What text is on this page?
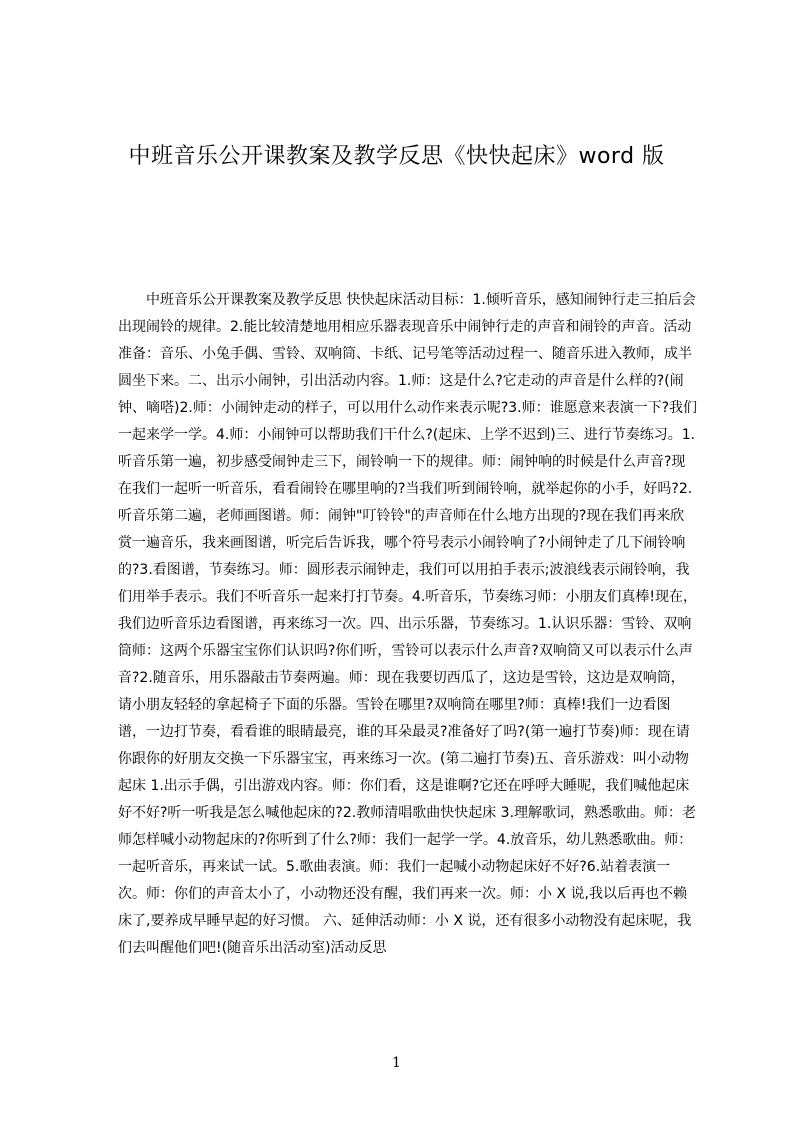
中班音乐公开课教案及教学反思《快快起床》word 版

中班音乐公开课教案及教学反思 快快起床活动目标：1.倾听音乐，感知闹钟行走三拍后会出现闹铃的规律。2.能比较清楚地用相应乐器表现音乐中闹钟行走的声音和闹铃的声音。活动准备：音乐、小兔手偶、雪铃、双响筒、卡纸、记号笔等活动过程一、随音乐进入教师，成半圆坐下来。二、出示小闹钟，引出活动内容。1.师：这是什么?它走动的声音是什么样的?(闹钟、嘀嗒)2.师：小闹钟走动的样子，可以用什么动作来表示呢?3.师：谁愿意来表演一下?我们一起来学一学。4.师：小闹钟可以帮助我们干什么?(起床、上学不迟到)三、进行节奏练习。1.听音乐第一遍，初步感受闹钟走三下，闹铃响一下的规律。师：闹钟响的时候是什么声音?现在我们一起听一听音乐，看看闹铃在哪里响的?当我们听到闹铃响，就举起你的小手，好吗?2.听音乐第二遍，老师画图谱。师：闹钟"叮铃铃"的声音师在什么地方出现的?现在我们再来欣赏一遍音乐，我来画图谱，听完后告诉我，哪个符号表示小闹铃响了?小闹钟走了几下闹铃响的?3.看图谱，节奏练习。师：圆形表示闹钟走，我们可以用拍手表示;波浪线表示闹铃响，我们用举手表示。我们不听音乐一起来打打节奏。4.听音乐，节奏练习师：小朋友们真棒!现在，我们边听音乐边看图谱，再来练习一次。四、出示乐器，节奏练习。1.认识乐器：雪铃、双响筒师：这两个乐器宝宝你们认识吗?你们听，雪铃可以表示什么声音?双响筒又可以表示什么声音?2.随音乐，用乐器敲击节奏两遍。师：现在我要切西瓜了，这边是雪铃，这边是双响筒，请小朋友轻轻的拿起椅子下面的乐器。雪铃在哪里?双响筒在哪里?师：真棒!我们一边看图谱，一边打节奏，看看谁的眼睛最亮，谁的耳朵最灵?准备好了吗?(第一遍打节奏)师：现在请你跟你的好朋友交换一下乐器宝宝，再来练习一次。(第二遍打节奏)五、音乐游戏：叫小动物起床 1.出示手偶，引出游戏内容。师：你们看，这是谁啊?它还在呼呼大睡呢，我们喊他起床好不好?听一听我是怎么喊他起床的?2.教师清唱歌曲快快起床 3.理解歌词，熟悉歌曲。师：老师怎样喊小动物起床的?你听到了什么?师：我们一起学一学。4.放音乐，幼儿熟悉歌曲。师：一起听音乐，再来试一试。5.歌曲表演。师：我们一起喊小动物起床好不好?6.站着表演一次。师：你们的声音太小了，小动物还没有醒，我们再来一次。师：小 X 说,我以后再也不赖床了,要养成早睡早起的好习惯。 六、延伸活动师：小 X 说，还有很多小动物没有起床呢，我们去叫醒他们吧!(随音乐出活动室)活动反思

1
